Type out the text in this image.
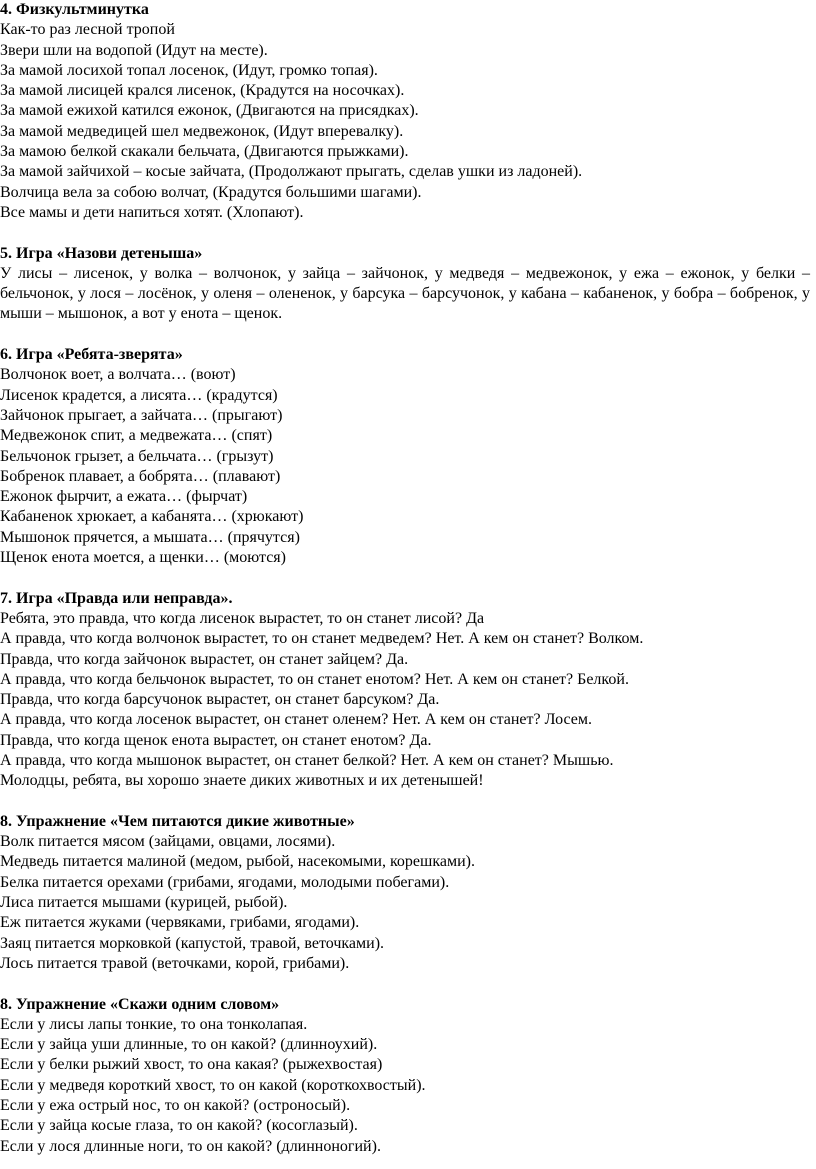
4. Физкультминутка
Как-то раз лесной тропой
Звери шли на водопой (Идут на месте).
За мамой лосихой топал лосенок, (Идут, громко топая).
За мамой лисицей крался лисенок, (Крадутся на носочках).
За мамой ежихой катился ежонок, (Двигаются на присядках).
За мамой медведицей шел медвежонок, (Идут вперевалку).
За мамою белкой скакали бельчата, (Двигаются прыжками).
За мамой зайчихой – косые зайчата, (Продолжают прыгать, сделав ушки из ладоней).
Волчица вела за собою волчат, (Крадутся большими шагами).
Все мамы и дети напиться хотят. (Хлопают).
5. Игра «Назови детеныша»
У лисы – лисенок, у волка – волчонок, у зайца – зайчонок, у медведя – медвежонок, у ежа – ежонок, у белки – бельчонок, у лося – лосёнок, у оленя – олененок, у барсука – барсучонок, у кабана – кабаненок, у бобра – бобренок, у мыши – мышонок, а вот у енота – щенок.
6. Игра «Ребята-зверята»
Волчонок воет, а волчата… (воют)
Лисенок крадется, а лисята… (крадутся)
Зайчонок прыгает, а зайчата… (прыгают)
Медвежонок спит, а медвежата… (спят)
Бельчонок грызет, а бельчата… (грызут)
Бобренок плавает, а бобрята… (плавают)
Ежонок фырчит, а ежата… (фырчат)
Кабаненок хрюкает, а кабанята… (хрюкают)
Мышонок прячется, а мышата… (прячутся)
Щенок енота моется, а щенки… (моются)
7. Игра «Правда или неправда».
Ребята, это правда, что когда лисенок вырастет, то он станет лисой? Да
А правда, что когда волчонок вырастет, то он станет медведем? Нет. А кем он станет? Волком.
Правда, что когда зайчонок вырастет, он станет зайцем? Да.
А правда, что когда бельчонок вырастет, то он станет енотом? Нет. А кем он станет? Белкой.
Правда, что когда барсучонок вырастет, он станет барсуком? Да.
А правда, что когда лосенок вырастет, он станет оленем? Нет. А кем он станет? Лосем.
Правда, что когда щенок енота вырастет, он станет енотом? Да.
А правда, что когда мышонок вырастет, он станет белкой? Нет. А кем он станет? Мышью.
Молодцы, ребята, вы хорошо знаете диких животных и их детенышей!
8. Упражнение «Чем питаются дикие животные»
Волк питается мясом (зайцами, овцами, лосями).
Медведь питается малиной (медом, рыбой, насекомыми, корешками).
Белка питается орехами (грибами, ягодами, молодыми побегами).
Лиса питается мышами (курицей, рыбой).
Еж питается жуками (червяками, грибами, ягодами).
Заяц питается морковкой (капустой, травой, веточками).
Лось питается травой (веточками, корой, грибами).
8. Упражнение «Скажи одним словом»
Если у лисы лапы тонкие, то она тонколапая.
Если у зайца уши длинные, то он какой? (длинноухий).
Если у белки рыжий хвост, то она какая? (рыжехвостая)
Если у медведя короткий хвост, то он какой (короткохвостый).
Если у ежа острый нос, то он какой? (остроносый).
Если у зайца косые глаза, то он какой? (косоглазый).
Если у лося длинные ноги, то он какой? (длинноногий).
